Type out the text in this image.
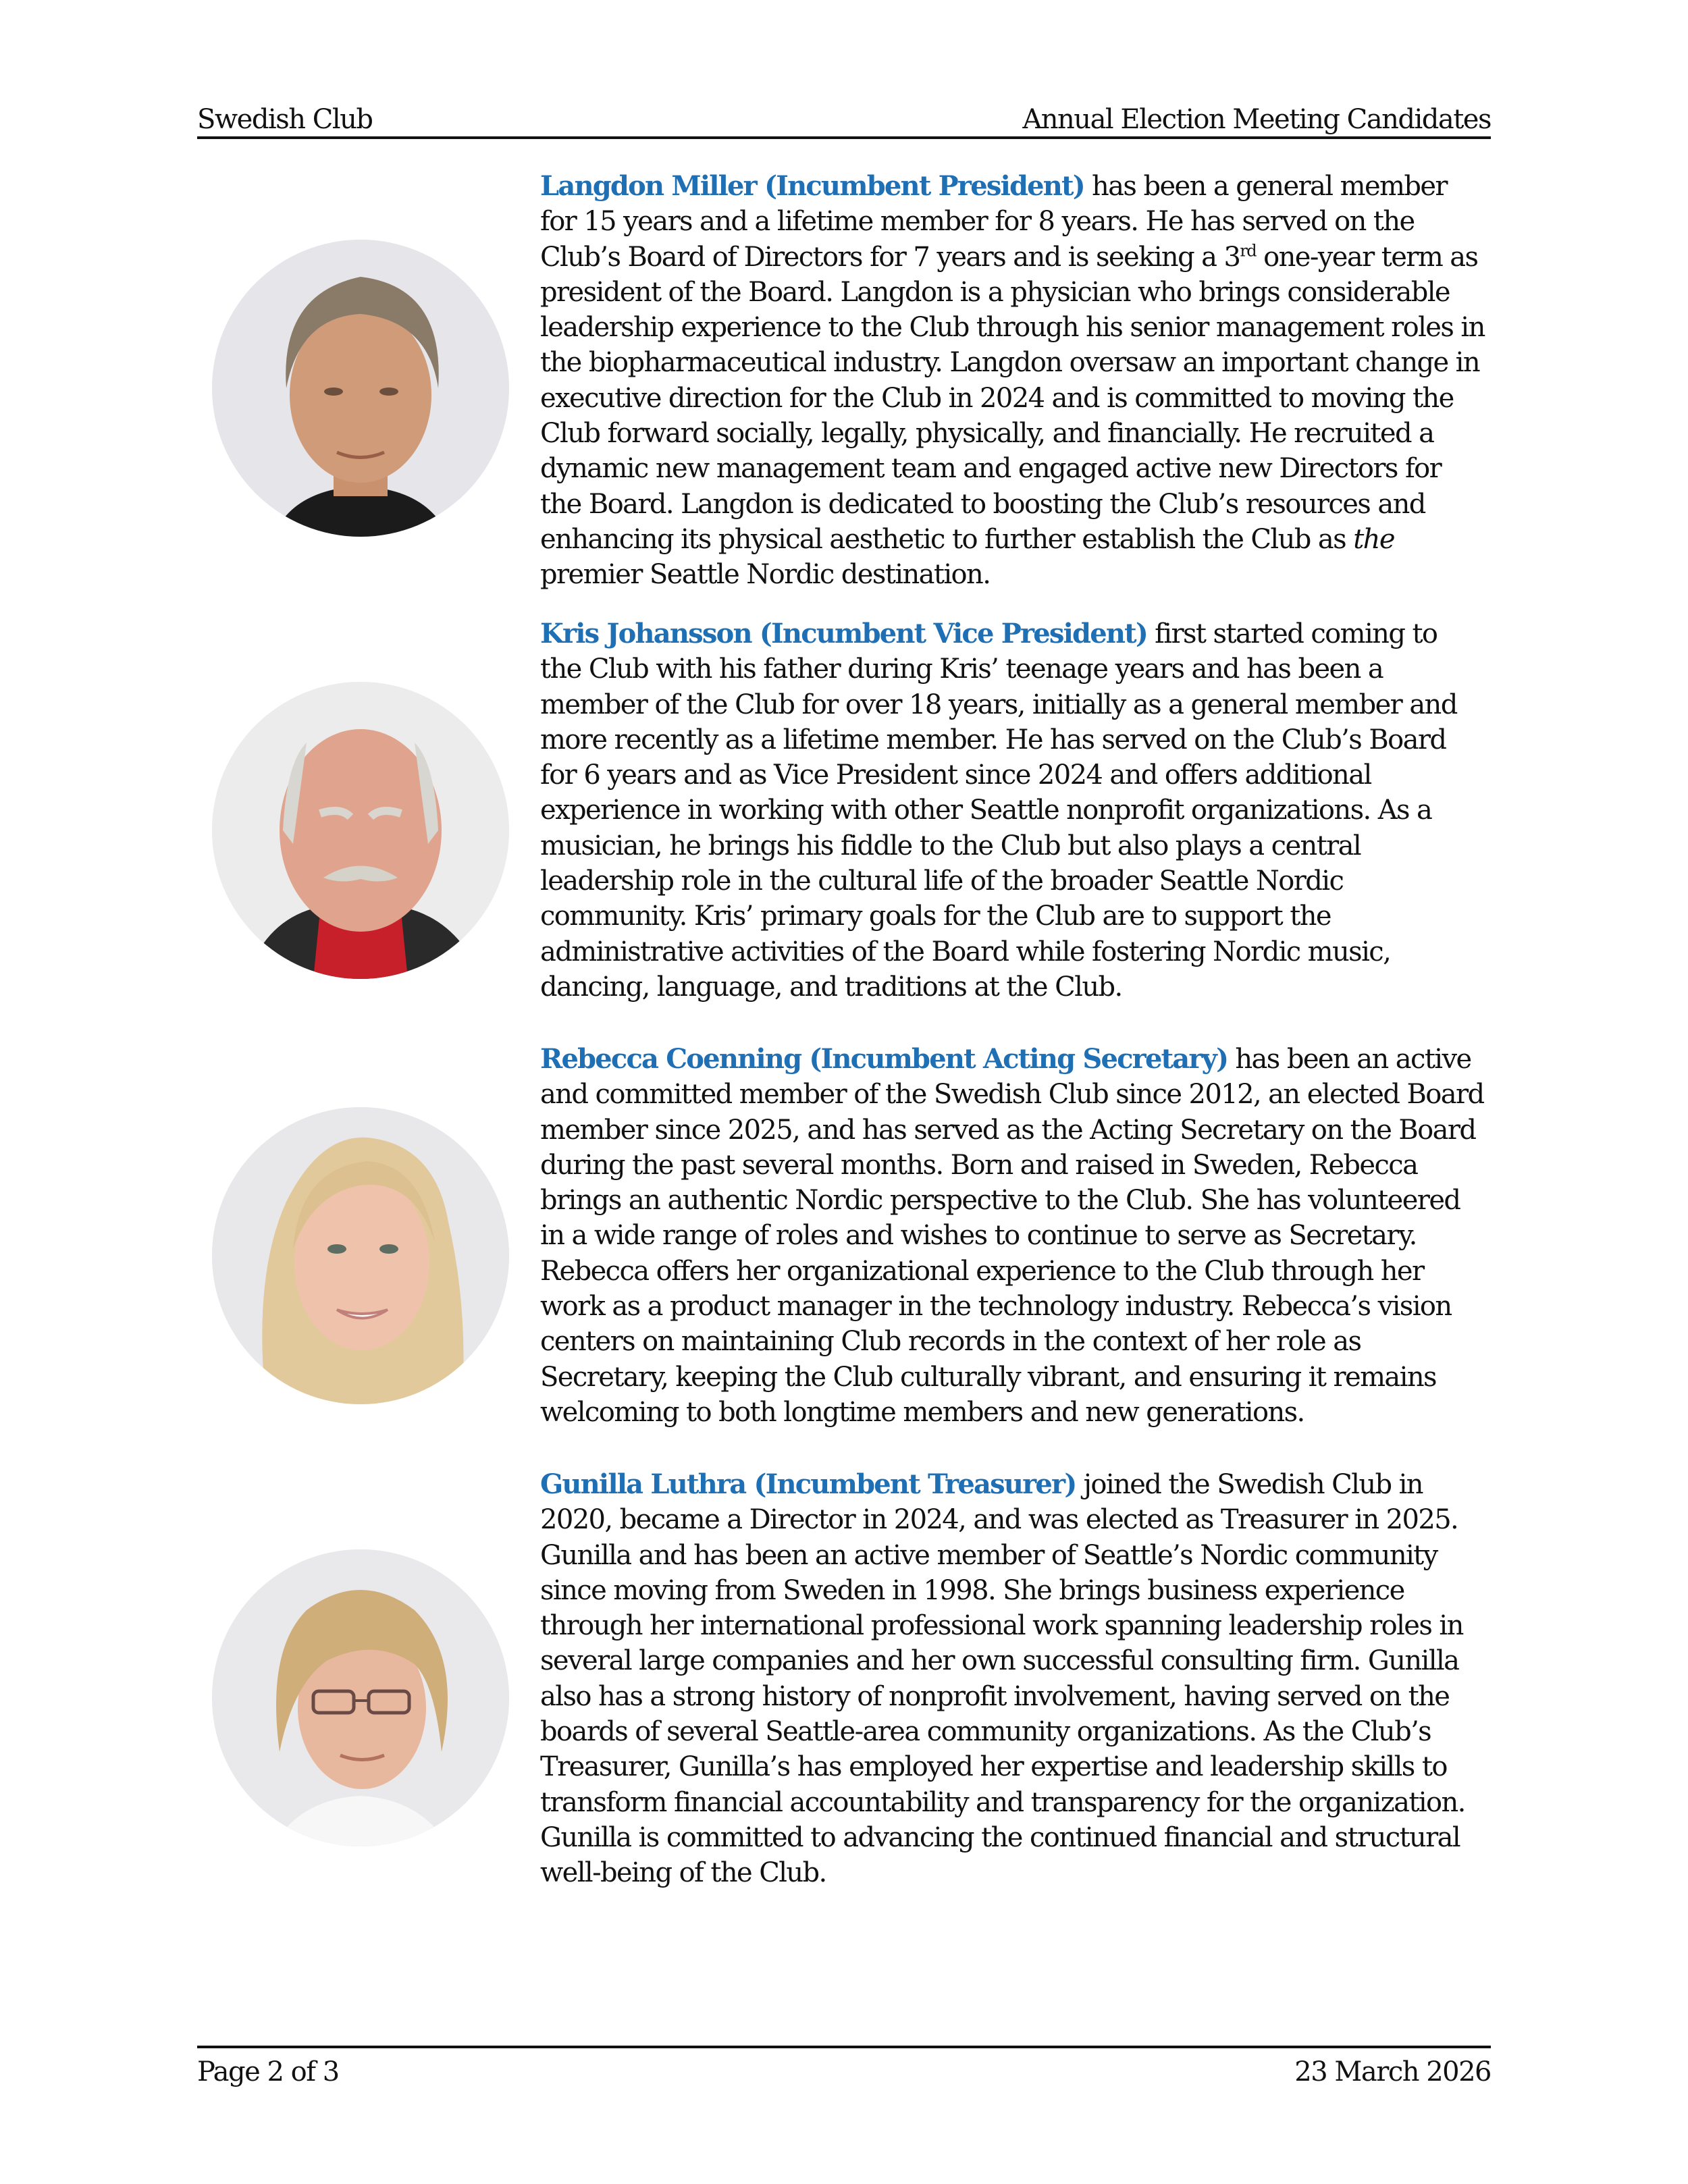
Swedish Club	Annual Election Meeting Candidates

Langdon Miller (Incumbent President) has been a general member for 15 years and a lifetime member for 8 years. He has served on the Club’s Board of Directors for 7 years and is seeking a 3rd one-year term as president of the Board. Langdon is a physician who brings considerable leadership experience to the Club through his senior management roles in the biopharmaceutical industry. Langdon oversaw an important change in executive direction for the Club in 2024 and is committed to moving the Club forward socially, legally, physically, and financially. He recruited a dynamic new management team and engaged active new Directors for the Board. Langdon is dedicated to boosting the Club’s resources and enhancing its physical aesthetic to further establish the Club as the premier Seattle Nordic destination.

Kris Johansson (Incumbent Vice President) first started coming to the Club with his father during Kris’ teenage years and has been a member of the Club for over 18 years, initially as a general member and more recently as a lifetime member. He has served on the Club’s Board for 6 years and as Vice President since 2024 and offers additional experience in working with other Seattle nonprofit organizations. As a musician, he brings his fiddle to the Club but also plays a central leadership role in the cultural life of the broader Seattle Nordic community. Kris’ primary goals for the Club are to support the administrative activities of the Board while fostering Nordic music, dancing, language, and traditions at the Club.

Rebecca Coenning (Incumbent Acting Secretary) has been an active and committed member of the Swedish Club since 2012, an elected Board member since 2025, and has served as the Acting Secretary on the Board during the past several months. Born and raised in Sweden, Rebecca brings an authentic Nordic perspective to the Club. She has volunteered in a wide range of roles and wishes to continue to serve as Secretary. Rebecca offers her organizational experience to the Club through her work as a product manager in the technology industry. Rebecca’s vision centers on maintaining Club records in the context of her role as Secretary, keeping the Club culturally vibrant, and ensuring it remains welcoming to both longtime members and new generations.

Gunilla Luthra (Incumbent Treasurer) joined the Swedish Club in 2020, became a Director in 2024, and was elected as Treasurer in 2025. Gunilla and has been an active member of Seattle’s Nordic community since moving from Sweden in 1998. She brings business experience through her international professional work spanning leadership roles in several large companies and her own successful consulting firm. Gunilla also has a strong history of nonprofit involvement, having served on the boards of several Seattle-area community organizations. As the Club’s Treasurer, Gunilla’s has employed her expertise and leadership skills to transform financial accountability and transparency for the organization. Gunilla is committed to advancing the continued financial and structural well-being of the Club.

Page 2 of 3	23 March 2026
